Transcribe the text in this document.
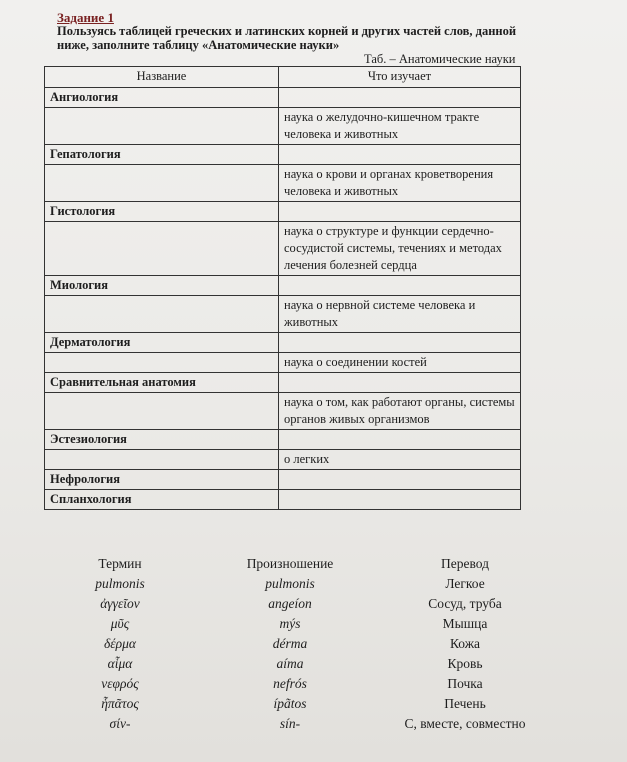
Задание 1
Пользуясь таблицей греческих и латинских корней и других частей слов, данной ниже, заполните таблицу «Анатомические науки»
Таб. – Анатомические науки
Название	Что изучает
Ангиология	
	наука о желудочно-кишечном тракте человека и животных
Гепатология	
	наука о крови и органах кроветворения человека и животных
Гистология	
	наука о структуре и функции сердечно-сосудистой системы, течениях и методах лечения болезней сердца
Миология	
	наука о нервной системе человека и животных
Дерматология	
	наука о соединении костей
Сравнительная анатомия	
	наука о том, как работают органы, системы органов живых организмов
Эстезиология	
	о легких
Нефрология	
Спланхология	
Термин	Произношение	Перевод
pulmonis	pulmonis	Легкое
ἀγγεῖον	angeíon	Сосуд, труба
μῦς	mýs	Мышца
δέρμα	dérma	Кожа
αἷμα	aíma	Кровь
νεφρός	nefrós	Почка
ἧπᾶτος	ípãtos	Печень
σίν-	sín-	С, вместе, совместно
